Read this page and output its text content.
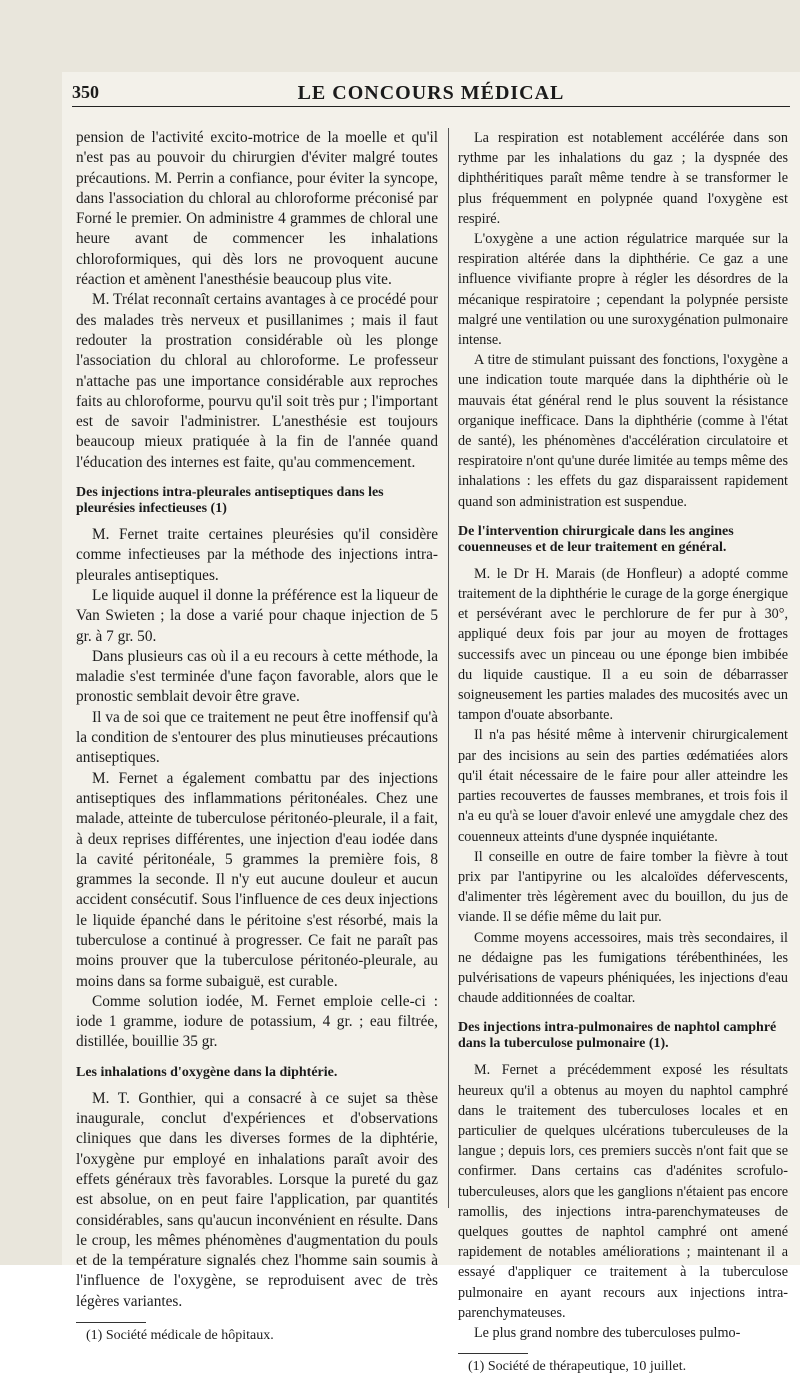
350	LE CONCOURS MÉDICAL

pension de l'activité excito-motrice de la moelle et qu'il n'est pas au pouvoir du chirurgien d'éviter malgré toutes précautions. M. Perrin a confiance, pour éviter la syncope, dans l'association du chloral au chloroforme préconisé par Forné le premier. On administre 4 grammes de chloral une heure avant de commencer les inhalations chloroformiques, qui dès lors ne provoquent aucune réaction et amènent l'anesthésie beaucoup plus vite.

M. Trélat reconnaît certains avantages à ce procédé pour des malades très nerveux et pusillanimes ; mais il faut redouter la prostration considérable où les plonge l'association du chloral au chloroforme. Le professeur n'attache pas une importance considérable aux reproches faits au chloroforme, pourvu qu'il soit très pur ; l'important est de savoir l'administrer. L'anesthésie est toujours beaucoup mieux pratiquée à la fin de l'année quand l'éducation des internes est faite, qu'au commencement.

Des injections intra-pleurales antiseptiques dans les pleurésies infectieuses (1)

M. Fernet traite certaines pleurésies qu'il considère comme infectieuses par la méthode des injections intra-pleurales antiseptiques.

Le liquide auquel il donne la préférence est la liqueur de Van Swieten ; la dose a varié pour chaque injection de 5 gr. à 7 gr. 50.

Dans plusieurs cas où il a eu recours à cette méthode, la maladie s'est terminée d'une façon favorable, alors que le pronostic semblait devoir être grave.

Il va de soi que ce traitement ne peut être inoffensif qu'à la condition de s'entourer des plus minutieuses précautions antiseptiques.

M. Fernet a également combattu par des injections antiseptiques des inflammations péritonéales. Chez une malade, atteinte de tuberculose péritonéo-pleurale, il a fait, à deux reprises différentes, une injection d'eau iodée dans la cavité péritonéale, 5 grammes la première fois, 8 grammes la seconde. Il n'y eut aucune douleur et aucun accident consécutif. Sous l'influence de ces deux injections le liquide épanché dans le péritoine s'est résorbé, mais la tuberculose a continué à progresser. Ce fait ne paraît pas moins prouver que la tuberculose péritonéo-pleurale, au moins dans sa forme subaiguë, est curable.

Comme solution iodée, M. Fernet emploie celle-ci : iode 1 gramme, iodure de potassium, 4 gr. ; eau filtrée, distillée, bouillie 35 gr.

Les inhalations d'oxygène dans la diphtérie.

M. T. Gonthier, qui a consacré à ce sujet sa thèse inaugurale, conclut d'expériences et d'observations cliniques que dans les diverses formes de la diphtérie, l'oxygène pur employé en inhalations paraît avoir des effets généraux très favorables. Lorsque la pureté du gaz est absolue, on en peut faire l'application, par quantités considérables, sans qu'aucun inconvénient en résulte. Dans le croup, les mêmes phénomènes d'augmentation du pouls et de la température signalés chez l'homme sain soumis à l'influence de l'oxygène, se reproduisent avec de très légères variantes.

(1) Société médicale de hôpitaux.

La respiration est notablement accélérée dans son rythme par les inhalations du gaz ; la dyspnée des diphthéritiques paraît même tendre à se transformer le plus fréquemment en polypnée quand l'oxygène est respiré.

L'oxygène a une action régulatrice marquée sur la respiration altérée dans la diphthérie. Ce gaz a une influence vivifiante propre à régler les désordres de la mécanique respiratoire ; cependant la polypnée persiste malgré une ventilation ou une suroxygénation pulmonaire intense.

A titre de stimulant puissant des fonctions, l'oxygène a une indication toute marquée dans la diphthérie où le mauvais état général rend le plus souvent la résistance organique inefficace. Dans la diphthérie (comme à l'état de santé), les phénomènes d'accélération circulatoire et respiratoire n'ont qu'une durée limitée au temps même des inhalations : les effets du gaz disparaissent rapidement quand son administration est suspendue.

De l'intervention chirurgicale dans les angines couenneuses et de leur traitement en général.

M. le Dr H. Marais (de Honfleur) a adopté comme traitement de la diphthérie le curage de la gorge énergique et persévérant avec le perchlorure de fer pur à 30°, appliqué deux fois par jour au moyen de frottages successifs avec un pinceau ou une éponge bien imbibée du liquide caustique. Il a eu soin de débarrasser soigneusement les parties malades des mucosités avec un tampon d'ouate absorbante.

Il n'a pas hésité même à intervenir chirurgicalement par des incisions au sein des parties œdématiées alors qu'il était nécessaire de le faire pour aller atteindre les parties recouvertes de fausses membranes, et trois fois il n'a eu qu'à se louer d'avoir enlevé une amygdale chez des couenneux atteints d'une dyspnée inquiétante.

Il conseille en outre de faire tomber la fièvre à tout prix par l'antipyrine ou les alcaloïdes défervescents, d'alimenter très légèrement avec du bouillon, du jus de viande. Il se défie même du lait pur.

Comme moyens accessoires, mais très secondaires, il ne dédaigne pas les fumigations térébenthinées, les pulvérisations de vapeurs phéniquées, les injections d'eau chaude additionnées de coaltar.

Des injections intra-pulmonaires de naphtol camphré dans la tuberculose pulmonaire (1).

M. Fernet a précédemment exposé les résultats heureux qu'il a obtenus au moyen du naphtol camphré dans le traitement des tuberculoses locales et en particulier de quelques ulcérations tuberculeuses de la langue ; depuis lors, ces premiers succès n'ont fait que se confirmer. Dans certains cas d'adénites scrofulo-tuberculeuses, alors que les ganglions n'étaient pas encore ramollis, des injections intra-parenchymateuses de quelques gouttes de naphtol camphré ont amené rapidement de notables améliorations ; maintenant il a essayé d'appliquer ce traitement à la tuberculose pulmonaire en ayant recours aux injections intra-parenchymateuses.

Le plus grand nombre des tuberculoses pulmo-

(1) Société de thérapeutique, 10 juillet.
